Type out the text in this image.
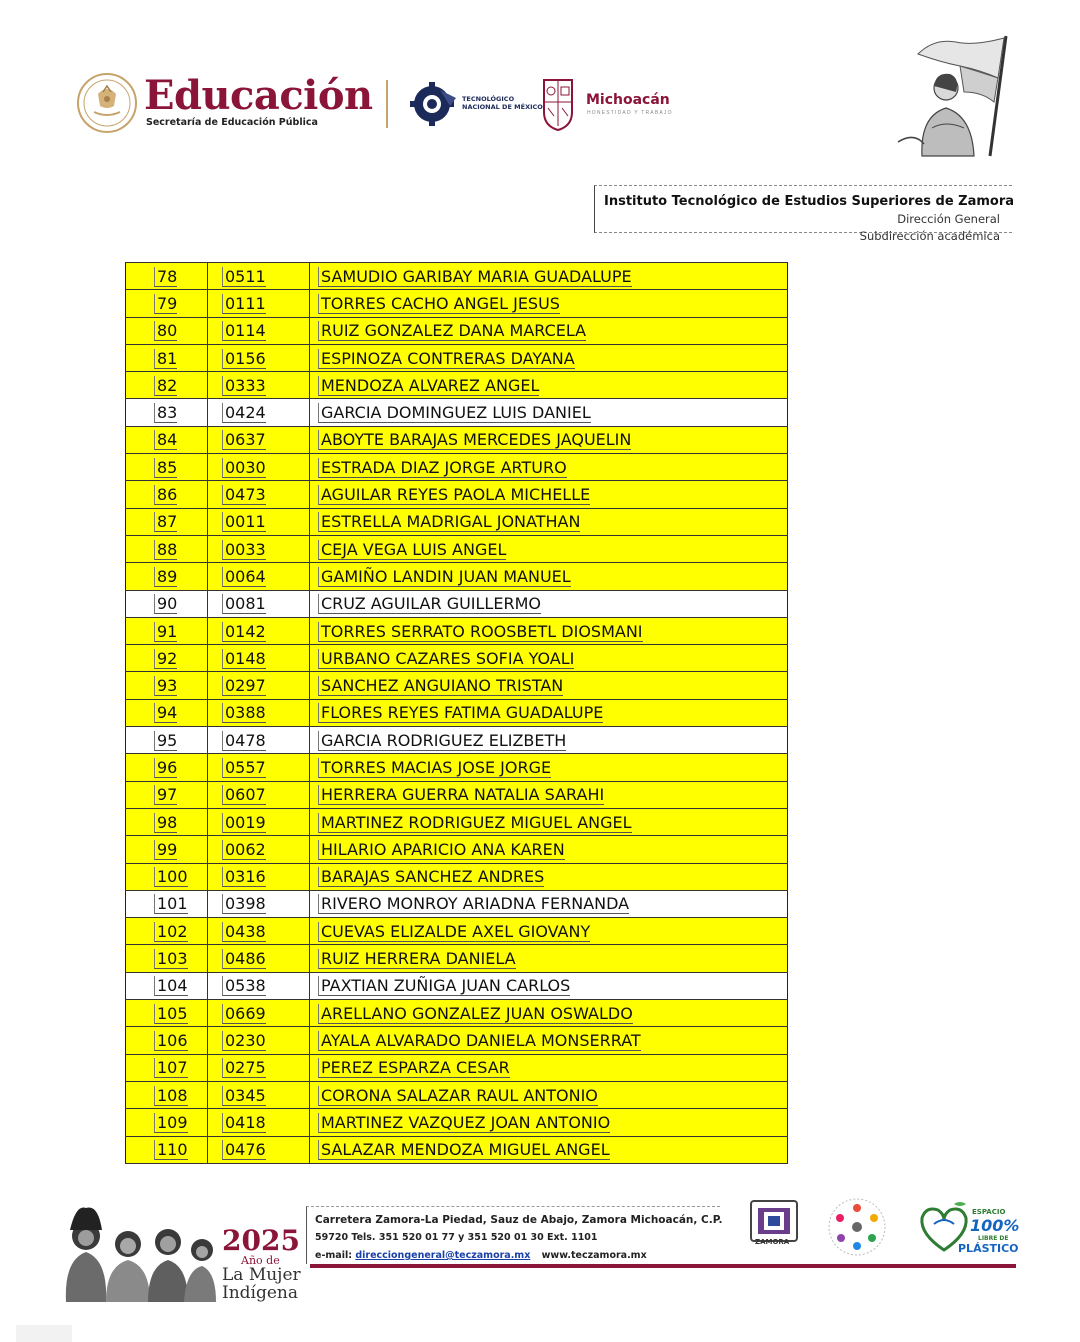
Educación
Secretaría de Educación Pública
TECNOLÓGICO
NACIONAL DE MÉXICO	Michoacán
HONESTIDAD Y TRABAJO
Instituto Tecnológico de Estudios Superiores de Zamora
Dirección General
Subdirección académica
78	0511	SAMUDIO GARIBAY MARIA GUADALUPE
79	0111	TORRES CACHO ANGEL JESUS
80	0114	RUIZ GONZALEZ DANA MARCELA
81	0156	ESPINOZA CONTRERAS DAYANA
82	0333	MENDOZA ALVAREZ ANGEL
83	0424	GARCIA DOMINGUEZ LUIS DANIEL
84	0637	ABOYTE BARAJAS MERCEDES JAQUELIN
85	0030	ESTRADA DIAZ JORGE ARTURO
86	0473	AGUILAR REYES PAOLA MICHELLE
87	0011	ESTRELLA MADRIGAL JONATHAN
88	0033	CEJA VEGA LUIS ANGEL
89	0064	GAMIÑO LANDIN JUAN MANUEL
90	0081	CRUZ AGUILAR GUILLERMO
91	0142	TORRES SERRATO ROOSBETL DIOSMANI
92	0148	URBANO CAZARES SOFIA YOALI
93	0297	SANCHEZ ANGUIANO TRISTAN
94	0388	FLORES REYES FATIMA GUADALUPE
95	0478	GARCIA RODRIGUEZ ELIZBETH
96	0557	TORRES MACIAS JOSE JORGE
97	0607	HERRERA GUERRA NATALIA SARAHI
98	0019	MARTINEZ RODRIGUEZ MIGUEL ANGEL
99	0062	HILARIO APARICIO ANA KAREN
100	0316	BARAJAS SANCHEZ ANDRES
101	0398	RIVERO MONROY ARIADNA FERNANDA
102	0438	CUEVAS ELIZALDE AXEL GIOVANY
103	0486	RUIZ HERRERA DANIELA
104	0538	PAXTIAN ZUÑIGA JUAN CARLOS
105	0669	ARELLANO GONZALEZ JUAN OSWALDO
106	0230	AYALA ALVARADO DANIELA MONSERRAT
107	0275	PEREZ ESPARZA CESAR
108	0345	CORONA SALAZAR RAUL ANTONIO
109	0418	MARTINEZ VAZQUEZ JOAN ANTONIO
110	0476	SALAZAR MENDOZA MIGUEL ANGEL
2025
Año de
La Mujer
Indígena
Carretera Zamora-La Piedad, Sauz de Abajo, Zamora Michoacán, C.P.
59720 Tels. 351 520 01 77 y 351 520 01 30 Ext. 1101
e-mail: direcciongeneral@teczamora.mx www.teczamora.mx
ZAMORA
ESPACIO
100%
LIBRE DE
PLÁSTICO
